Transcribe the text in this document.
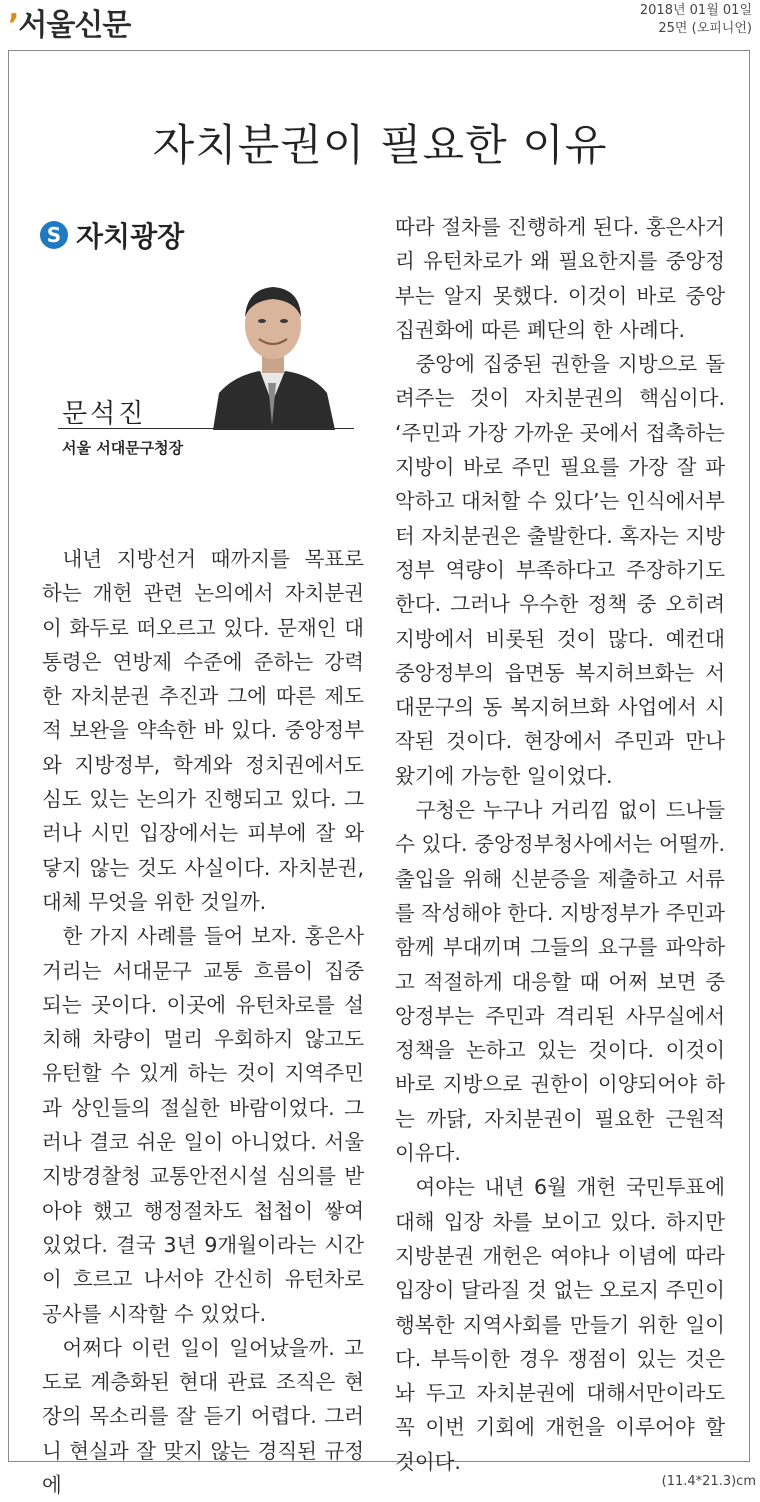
’서울신문	2018년 01월 01일
25면 (오피니언)
자치분권이 필요한 이유
S 자치광장
문석진
서울 서대문구청장

내년 지방선거 때까지를 목표로 하는 개헌 관련 논의에서 자치분권이 화두로 떠오르고 있다. 문재인 대통령은 연방제 수준에 준하는 강력한 자치분권 추진과 그에 따른 제도적 보완을 약속한 바 있다. 중앙정부와 지방정부, 학계와 정치권에서도 심도 있는 논의가 진행되고 있다. 그러나 시민 입장에서는 피부에 잘 와 닿지 않는 것도 사실이다. 자치분권, 대체 무엇을 위한 것일까.

한 가지 사례를 들어 보자. 홍은사거리는 서대문구 교통 흐름이 집중되는 곳이다. 이곳에 유턴차로를 설치해 차량이 멀리 우회하지 않고도 유턴할 수 있게 하는 것이 지역주민과 상인들의 절실한 바람이었다. 그러나 결코 쉬운 일이 아니었다. 서울지방경찰청 교통안전시설 심의를 받아야 했고 행정절차도 첩첩이 쌓여 있었다. 결국 3년 9개월이라는 시간이 흐르고 나서야 간신히 유턴차로 공사를 시작할 수 있었다.

어쩌다 이런 일이 일어났을까. 고도로 계층화된 현대 관료 조직은 현장의 목소리를 잘 듣기 어렵다. 그러니 현실과 잘 맞지 않는 경직된 규정에

따라 절차를 진행하게 된다. 홍은사거리 유턴차로가 왜 필요한지를 중앙정부는 알지 못했다. 이것이 바로 중앙집권화에 따른 폐단의 한 사례다.

중앙에 집중된 권한을 지방으로 돌려주는 것이 자치분권의 핵심이다. ‘주민과 가장 가까운 곳에서 접촉하는 지방이 바로 주민 필요를 가장 잘 파악하고 대처할 수 있다’는 인식에서부터 자치분권은 출발한다. 혹자는 지방정부 역량이 부족하다고 주장하기도 한다. 그러나 우수한 정책 중 오히려 지방에서 비롯된 것이 많다. 예컨대 중앙정부의 읍면동 복지허브화는 서대문구의 동 복지허브화 사업에서 시작된 것이다. 현장에서 주민과 만나 왔기에 가능한 일이었다.

구청은 누구나 거리낌 없이 드나들 수 있다. 중앙정부청사에서는 어떨까. 출입을 위해 신분증을 제출하고 서류를 작성해야 한다. 지방정부가 주민과 함께 부대끼며 그들의 요구를 파악하고 적절하게 대응할 때 어쩌 보면 중앙정부는 주민과 격리된 사무실에서 정책을 논하고 있는 것이다. 이것이 바로 지방으로 권한이 이양되어야 하는 까닭, 자치분권이 필요한 근원적 이유다.

여야는 내년 6월 개헌 국민투표에 대해 입장 차를 보이고 있다. 하지만 지방분권 개헌은 여야나 이념에 따라 입장이 달라질 것 없는 오로지 주민이 행복한 지역사회를 만들기 위한 일이다. 부득이한 경우 쟁점이 있는 것은 놔 두고 자치분권에 대해서만이라도 꼭 이번 기회에 개헌을 이루어야 할 것이다.

(11.4*21.3)cm
